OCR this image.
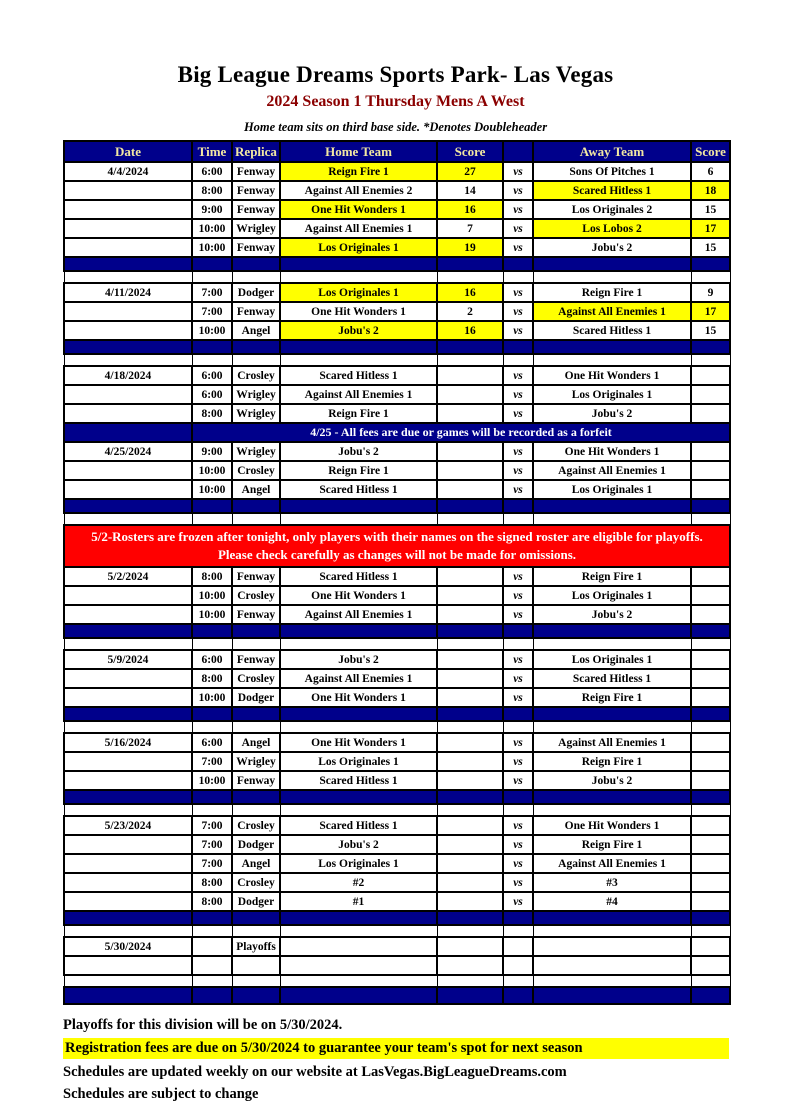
Big League Dreams Sports Park- Las Vegas
2024 Season 1 Thursday Mens A West
Home team sits on third base side. *Denotes Doubleheader
Date	Time	Replica	Home Team	Score		Away Team	Score
4/4/2024	6:00	Fenway	Reign Fire 1	27	vs	Sons Of Pitches 1	6
	8:00	Fenway	Against All Enemies 2	14	vs	Scared Hitless 1	18
	9:00	Fenway	One Hit Wonders 1	16	vs	Los Originales 2	15
	10:00	Wrigley	Against All Enemies 1	7	vs	Los Lobos 2	17
	10:00	Fenway	Los Originales 1	19	vs	Jobu's 2	15

4/11/2024	7:00	Dodger	Los Originales 1	16	vs	Reign Fire 1	9
	7:00	Fenway	One Hit Wonders 1	2	vs	Against All Enemies 1	17
	10:00	Angel	Jobu's 2	16	vs	Scared Hitless 1	15

4/18/2024	6:00	Crosley	Scared Hitless 1		vs	One Hit Wonders 1	
	6:00	Wrigley	Against All Enemies 1		vs	Los Originales 1	
	8:00	Wrigley	Reign Fire 1		vs	Jobu's 2	
	4/25 - All fees are due or games will be recorded as a forfeit						
4/25/2024	9:00	Wrigley	Jobu's 2		vs	One Hit Wonders 1	
	10:00	Crosley	Reign Fire 1		vs	Against All Enemies 1	
	10:00	Angel	Scared Hitless 1		vs	Los Originales 1	

5/2-Rosters are frozen after tonight, only players with their names on the signed roster are eligible for playoffs.
Please check carefully as changes will not be made for omissions.							

5/2/2024	8:00	Fenway	Scared Hitless 1		vs	Reign Fire 1	
	10:00	Crosley	One Hit Wonders 1		vs	Los Originales 1	
	10:00	Fenway	Against All Enemies 1		vs	Jobu's 2	

5/9/2024	6:00	Fenway	Jobu's 2		vs	Los Originales 1	
	8:00	Crosley	Against All Enemies 1		vs	Scared Hitless 1	
	10:00	Dodger	One Hit Wonders 1		vs	Reign Fire 1	

5/16/2024	6:00	Angel	One Hit Wonders 1		vs	Against All Enemies 1	
	7:00	Wrigley	Los Originales 1		vs	Reign Fire 1	
	10:00	Fenway	Scared Hitless 1		vs	Jobu's 2	

5/23/2024	7:00	Crosley	Scared Hitless 1		vs	One Hit Wonders 1	
	7:00	Dodger	Jobu's 2		vs	Reign Fire 1	
	7:00	Angel	Los Originales 1		vs	Against All Enemies 1	
	8:00	Crosley	#2		vs	#3	
	8:00	Dodger	#1		vs	#4	

5/30/2024		Playoffs					

Playoffs for this division will be on 5/30/2024.
Registration fees are due on 5/30/2024 to guarantee your team's spot for next season
Schedules are updated weekly on our website at LasVegas.BigLeagueDreams.com
Schedules are subject to change
